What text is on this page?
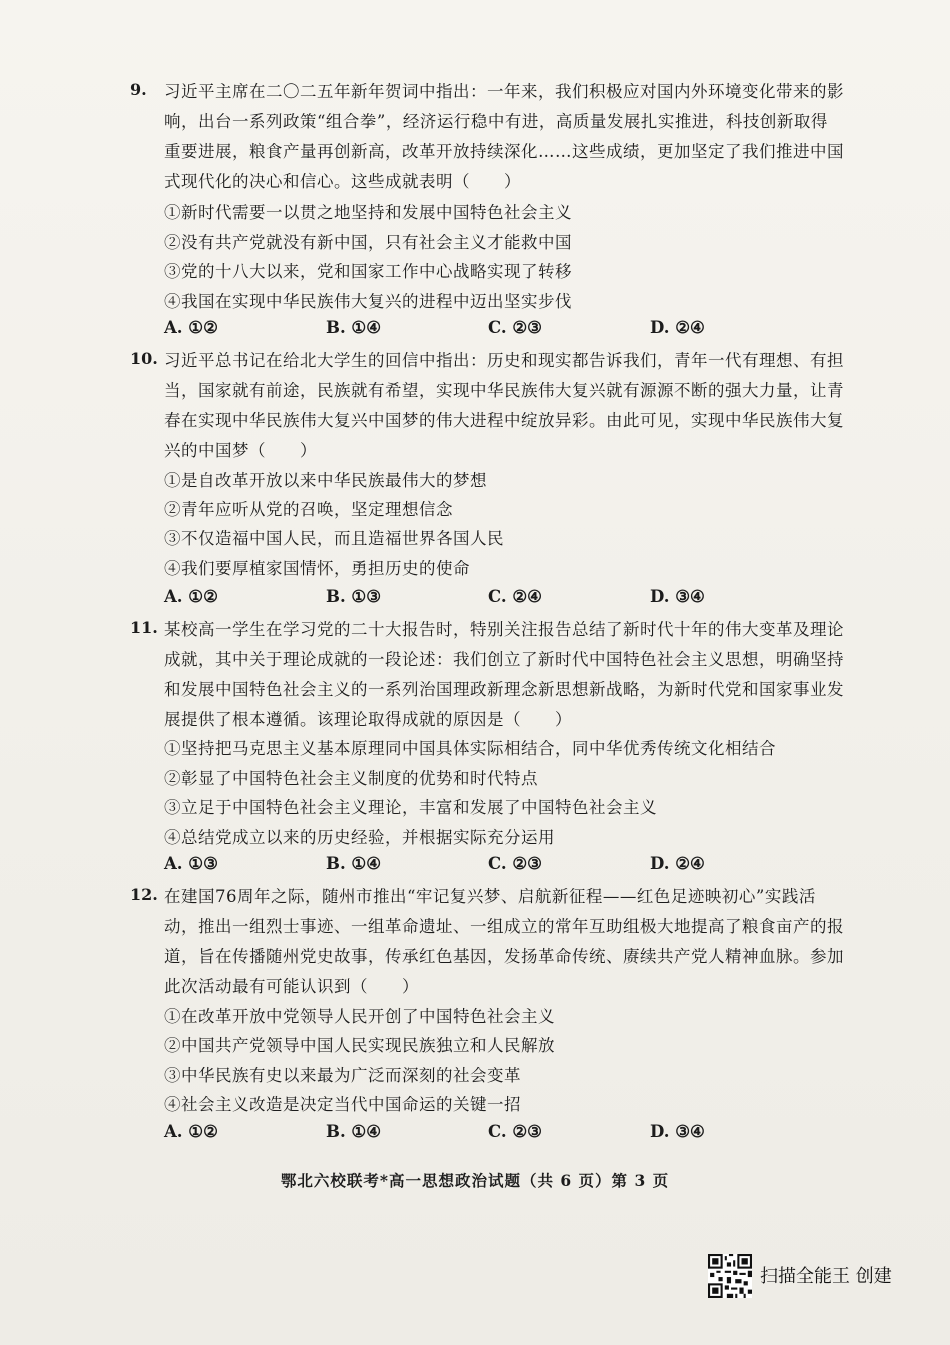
9. 习近平主席在二〇二五年新年贺词中指出：一年来，我们积极应对国内外环境变化带来的影
响，出台一系列政策“组合拳”，经济运行稳中有进，高质量发展扎实推进，科技创新取得
重要进展，粮食产量再创新高，改革开放持续深化……这些成绩，更加坚定了我们推进中国
式现代化的决心和信心。这些成就表明（　　）
①新时代需要一以贯之地坚持和发展中国特色社会主义
②没有共产党就没有新中国，只有社会主义才能救中国
③党的十八大以来，党和国家工作中心战略实现了转移
④我国在实现中华民族伟大复兴的进程中迈出坚实步伐
A. ①②	B. ①④	C. ②③	D. ②④
10. 习近平总书记在给北大学生的回信中指出：历史和现实都告诉我们，青年一代有理想、有担
当，国家就有前途，民族就有希望，实现中华民族伟大复兴就有源源不断的强大力量，让青
春在实现中华民族伟大复兴中国梦的伟大进程中绽放异彩。由此可见，实现中华民族伟大复
兴的中国梦（　　）
①是自改革开放以来中华民族最伟大的梦想
②青年应听从党的召唤，坚定理想信念
③不仅造福中国人民，而且造福世界各国人民
④我们要厚植家国情怀，勇担历史的使命
A. ①②	B. ①③	C. ②④	D. ③④
11. 某校高一学生在学习党的二十大报告时，特别关注报告总结了新时代十年的伟大变革及理论
成就，其中关于理论成就的一段论述：我们创立了新时代中国特色社会主义思想，明确坚持
和发展中国特色社会主义的一系列治国理政新理念新思想新战略，为新时代党和国家事业发
展提供了根本遵循。该理论取得成就的原因是（　　）
①坚持把马克思主义基本原理同中国具体实际相结合，同中华优秀传统文化相结合
②彰显了中国特色社会主义制度的优势和时代特点
③立足于中国特色社会主义理论，丰富和发展了中国特色社会主义
④总结党成立以来的历史经验，并根据实际充分运用
A. ①③	B. ①④	C. ②③	D. ②④
12. 在建国76周年之际，随州市推出“牢记复兴梦、启航新征程——红色足迹映初心”实践活
动，推出一组烈士事迹、一组革命遗址、一组成立的常年互助组极大地提高了粮食亩产的报
道，旨在传播随州党史故事，传承红色基因，发扬革命传统、赓续共产党人精神血脉。参加
此次活动最有可能认识到（　　）
①在改革开放中党领导人民开创了中国特色社会主义
②中国共产党领导中国人民实现民族独立和人民解放
③中华民族有史以来最为广泛而深刻的社会变革
④社会主义改造是决定当代中国命运的关键一招
A. ①②	B. ①④	C. ②③	D. ③④
鄂北六校联考*高一思想政治试题（共 6 页）第 3 页
扫描全能王 创建
